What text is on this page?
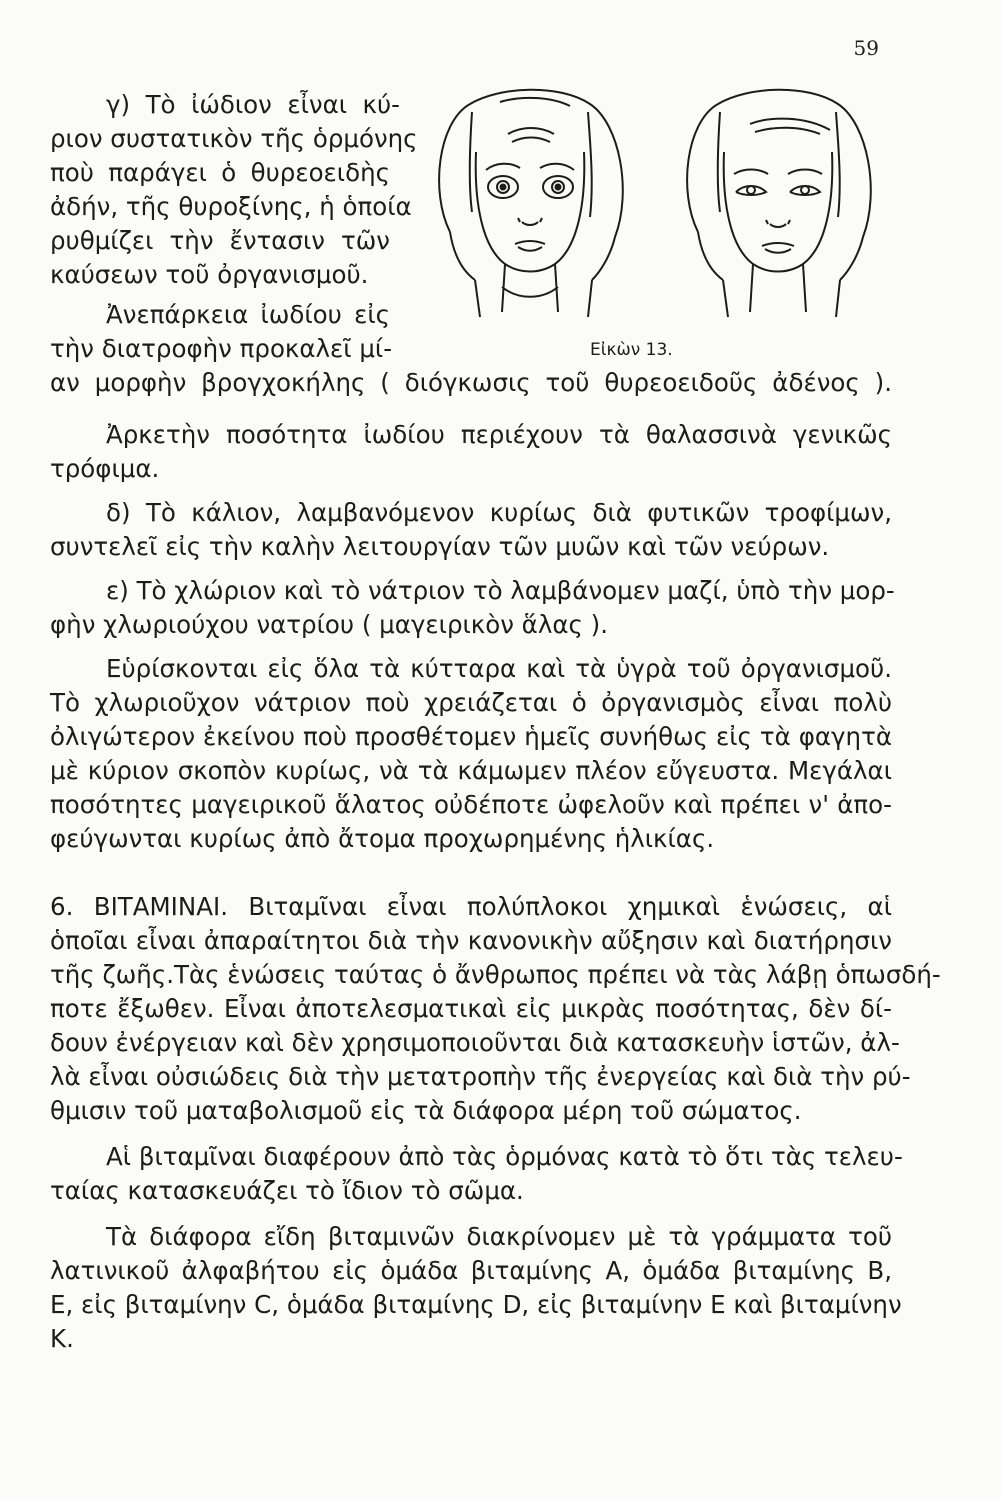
59
Εἰκὼν 13.
γ) Τὸ ἰώδιον εἶναι κύ-
ριον συστατικὸν τῆς ὁρμόνης
ποὺ παράγει ὁ θυρεοειδὴς
ἀδήν, τῆς θυροξίνης, ἡ ὁποία
ρυθμίζει τὴν ἔντασιν τῶν
καύσεων τοῦ ὀργανισμοῦ.
Ἀνεπάρκεια ἰωδίου εἰς
τὴν διατροφὴν προκαλεῖ μί-
αν μορφὴν βρογχοκήλης ( διόγκωσις τοῦ θυρεοειδοῦς ἀδένος ).
Ἀρκετὴν ποσότητα ἰωδίου περιέχουν τὰ θαλασσινὰ γενικῶς
τρόφιμα.
δ) Τὸ κάλιον, λαμβανόμενον κυρίως διὰ φυτικῶν τροφίμων,
συντελεῖ εἰς τὴν καλὴν λειτουργίαν τῶν μυῶν καὶ τῶν νεύρων.
ε) Τὸ χλώριον καὶ τὸ νάτριον τὸ λαμβάνομεν μαζί, ὑπὸ τὴν μορ-
φὴν χλωριούχου νατρίου ( μαγειρικὸν ἅλας ).
Εὑρίσκονται εἰς ὅλα τὰ κύτταρα καὶ τὰ ὑγρὰ τοῦ ὀργανισμοῦ.
Τὸ χλωριοῦχον νάτριον ποὺ χρειάζεται ὁ ὀργανισμὸς εἶναι πολὺ
ὀλιγώτερον ἐκείνου ποὺ προσθέτομεν ἡμεῖς συνήθως εἰς τὰ φαγητὰ
μὲ κύριον σκοπὸν κυρίως, νὰ τὰ κάμωμεν πλέον εὔγευστα. Μεγάλαι
ποσότητες μαγειρικοῦ ἅλατος οὐδέποτε ὠφελοῦν καὶ πρέπει ν' ἀπο-
φεύγωνται κυρίως ἀπὸ ἄτομα προχωρημένης ἡλικίας.
6. ΒΙΤΑΜΙΝΑΙ. Βιταμῖναι εἶναι πολύπλοκοι χημικαὶ ἑνώσεις, αἱ
ὁποῖαι εἶναι ἀπαραίτητοι διὰ τὴν κανονικὴν αὔξησιν καὶ διατήρησιν
τῆς ζωῆς.Τὰς ἑνώσεις ταύτας ὁ ἄνθρωπος πρέπει νὰ τὰς λάβῃ ὁπωσδή-
ποτε ἔξωθεν. Εἶναι ἀποτελεσματικαὶ εἰς μικρὰς ποσότητας, δὲν δί-
δουν ἐνέργειαν καὶ δὲν χρησιμοποιοῦνται διὰ κατασκευὴν ἱστῶν, ἀλ-
λὰ εἶναι οὐσιώδεις διὰ τὴν μετατροπὴν τῆς ἐνεργείας καὶ διὰ τὴν ρύ-
θμισιν τοῦ ματαβολισμοῦ εἰς τὰ διάφορα μέρη τοῦ σώματος.
Αἱ βιταμῖναι διαφέρουν ἀπὸ τὰς ὁρμόνας κατὰ τὸ ὅτι τὰς τελευ-
ταίας κατασκευάζει τὸ ἴδιον τὸ σῶμα.
Τὰ διάφορα εἴδη βιταμινῶν διακρίνομεν μὲ τὰ γράμματα τοῦ
λατινικοῦ ἀλφαβήτου εἰς ὁμάδα βιταμίνης Α, ὁμάδα βιταμίνης Β,
Ε, εἰς βιταμίνην C, ὁμάδα βιταμίνης D, εἰς βιταμίνην Ε καὶ βιταμίνην
Κ.
